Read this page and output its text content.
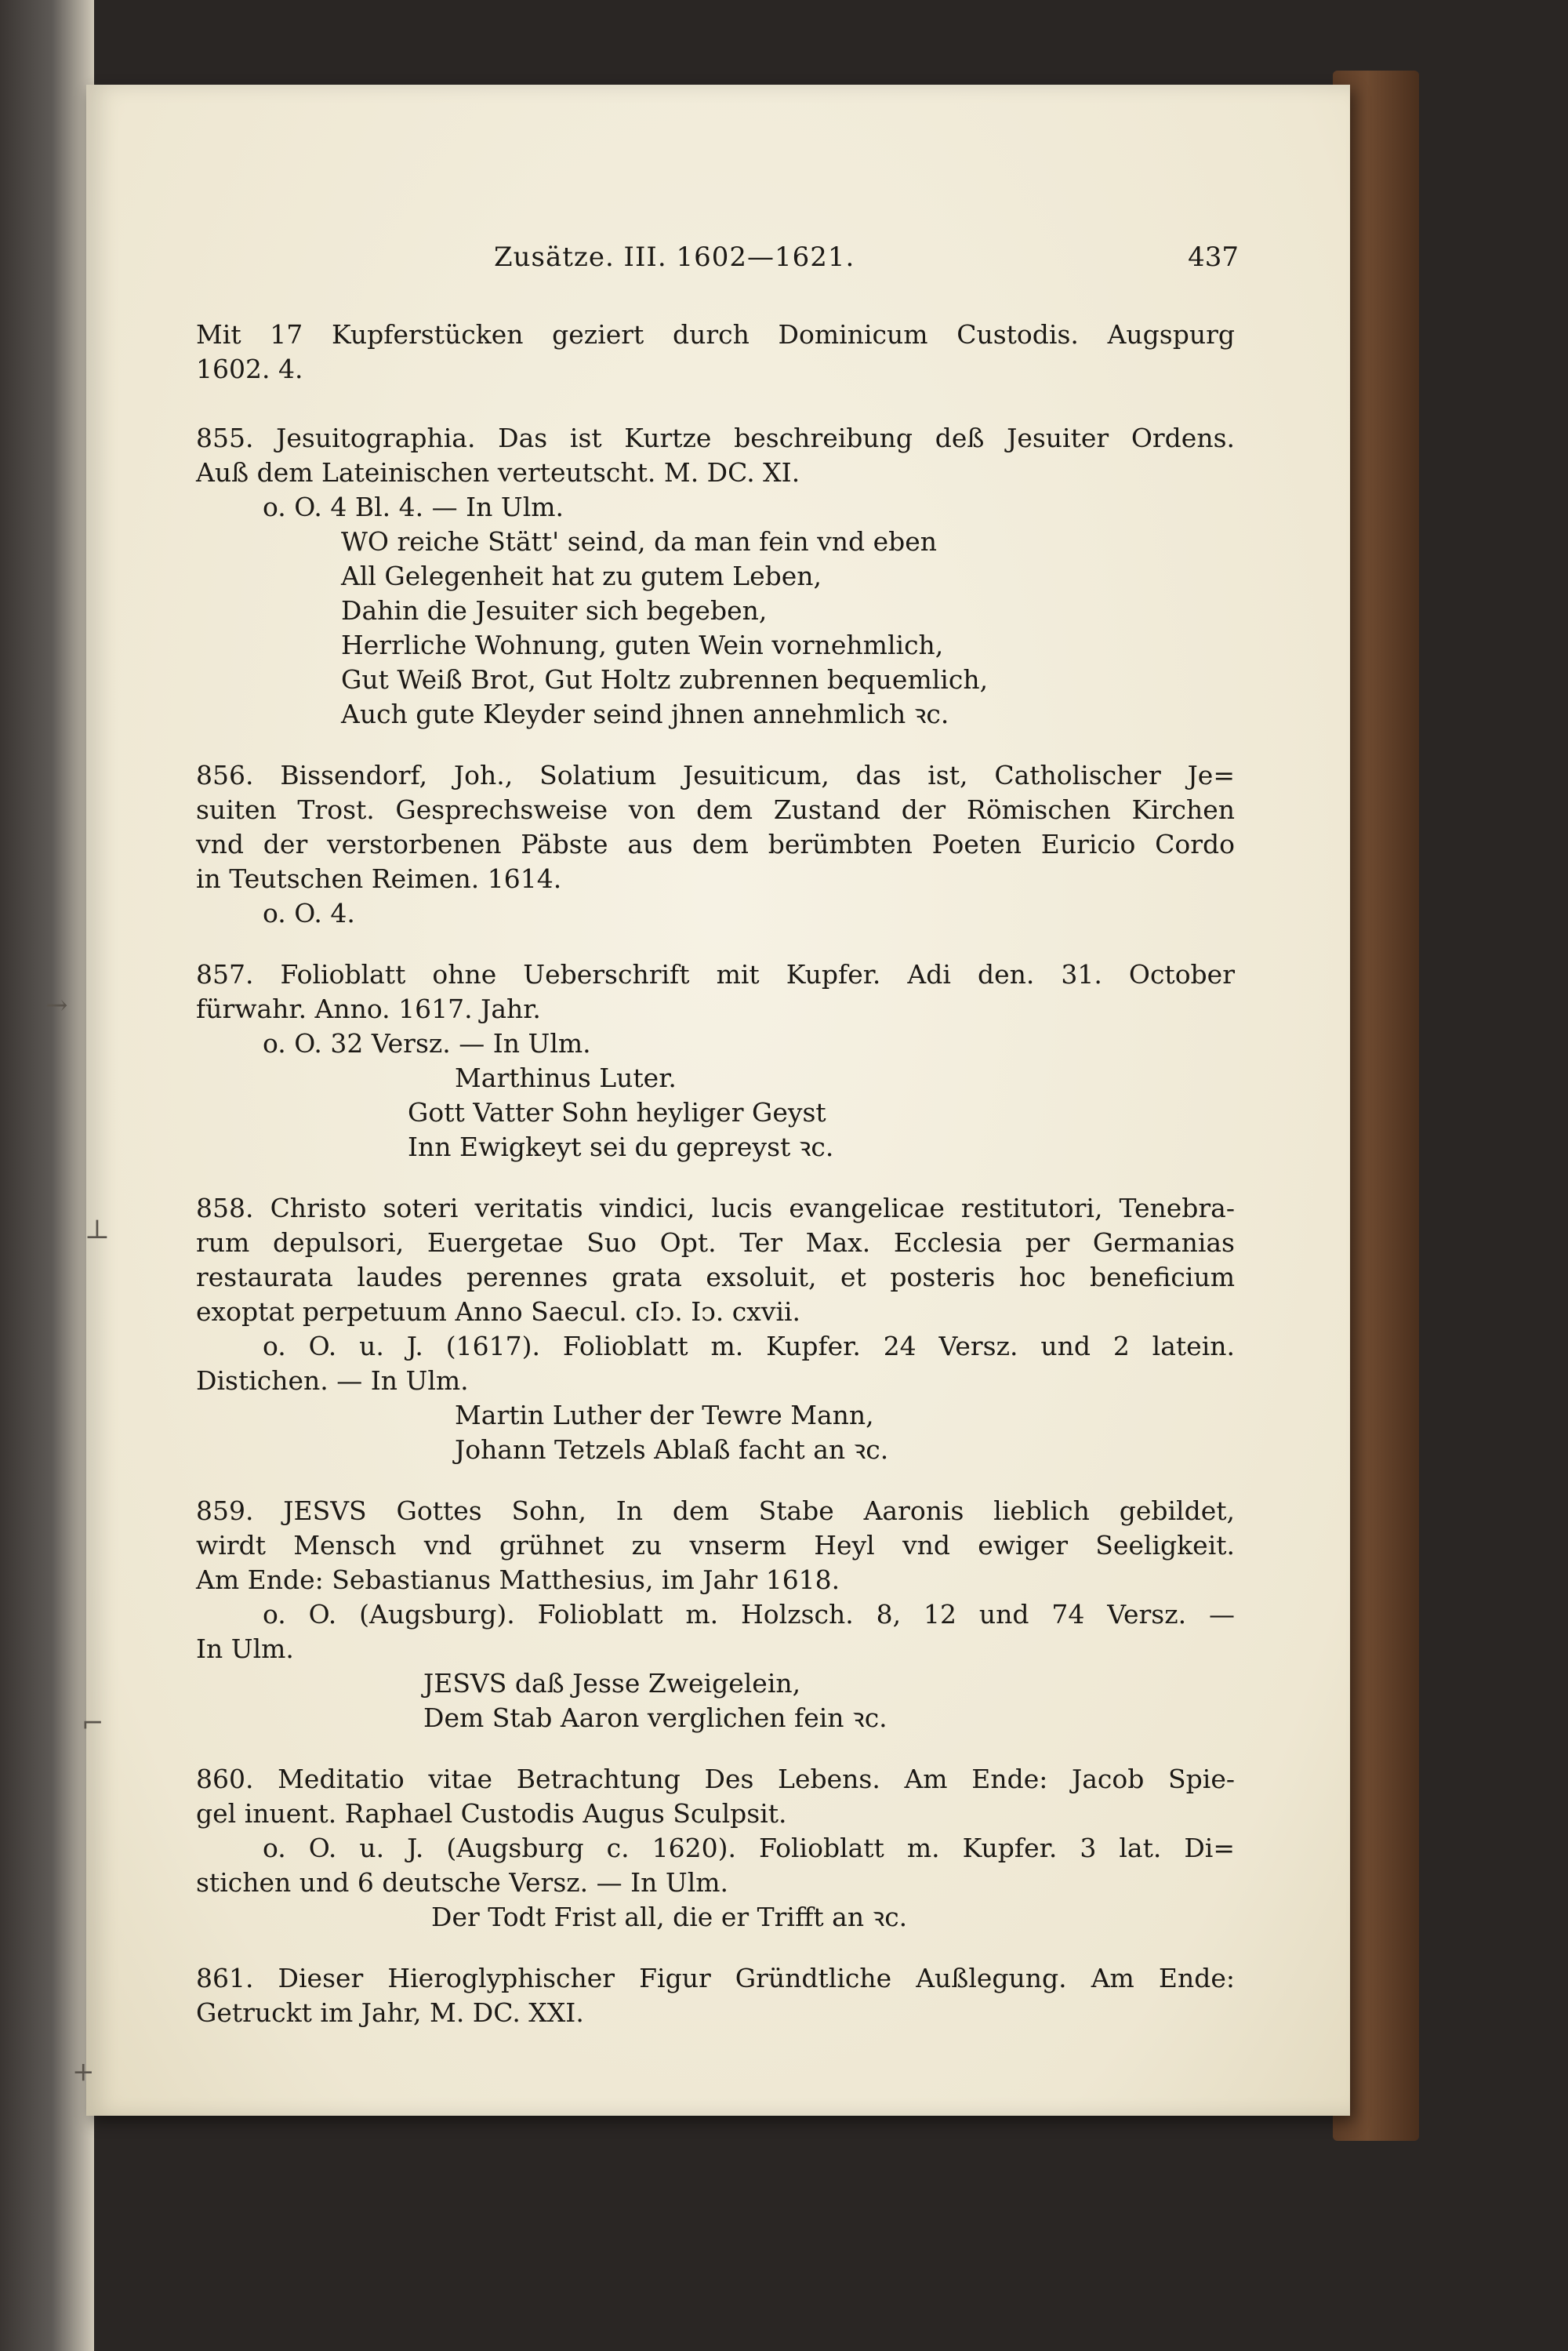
Zusätze. III. 1602—1621.	437
→
⊥
⌐
+
Mit 17 Kupferstücken geziert durch Dominicum Custodis. Augspurg
1602. 4.
855. Jesuitographia. Das ist Kurtze beschreibung deß Jesuiter Ordens.
Auß dem Lateinischen verteutscht. M. DC. XI.
o. O. 4 Bl. 4. — In Ulm.
WO reiche Stätt' seind, da man fein vnd eben
All Gelegenheit hat zu gutem Leben,
Dahin die Jesuiter sich begeben,
Herrliche Wohnung, guten Wein vornehmlich,
Gut Weiß Brot, Gut Holtz zubrennen bequemlich,
Auch gute Kleyder seind jhnen annehmlich ꝛc.
856. Bissendorf, Joh., Solatium Jesuiticum, das ist, Catholischer Je=
suiten Trost. Gesprechsweise von dem Zustand der Römischen Kirchen
vnd der verstorbenen Päbste aus dem berümbten Poeten Euricio Cordo
in Teutschen Reimen. 1614.
o. O. 4.
857. Folioblatt ohne Ueberschrift mit Kupfer. Adi den. 31. October
fürwahr. Anno. 1617. Jahr.
o. O. 32 Versz. — In Ulm.
Marthinus Luter.
Gott Vatter Sohn heyliger Geyst
Inn Ewigkeyt sei du gepreyst ꝛc.
858. Christo soteri veritatis vindici, lucis evangelicae restitutori, Tenebra-
rum depulsori, Euergetae Suo Opt. Ter Max. Ecclesia per Germanias
restaurata laudes perennes grata exsoluit, et posteris hoc beneficium
exoptat perpetuum Anno Saecul. cIↄ. Iↄ. cxvii.
o. O. u. J. (1617). Folioblatt m. Kupfer. 24 Versz. und 2 latein.
Distichen. — In Ulm.
Martin Luther der Tewre Mann,
Johann Tetzels Ablaß facht an ꝛc.
859. JESVS Gottes Sohn, In dem Stabe Aaronis lieblich gebildet,
wirdt Mensch vnd grühnet zu vnserm Heyl vnd ewiger Seeligkeit.
Am Ende: Sebastianus Matthesius, im Jahr 1618.
o. O. (Augsburg). Folioblatt m. Holzsch. 8, 12 und 74 Versz. —
In Ulm.
JESVS daß Jesse Zweigelein,
Dem Stab Aaron verglichen fein ꝛc.
860. Meditatio vitae Betrachtung Des Lebens. Am Ende: Jacob Spie-
gel inuent. Raphael Custodis Augus Sculpsit.
o. O. u. J. (Augsburg c. 1620). Folioblatt m. Kupfer. 3 lat. Di=
stichen und 6 deutsche Versz. — In Ulm.
Der Todt Frist all, die er Trifft an ꝛc.
861. Dieser Hieroglyphischer Figur Gründtliche Außlegung. Am Ende:
Getruckt im Jahr, M. DC. XXI.
